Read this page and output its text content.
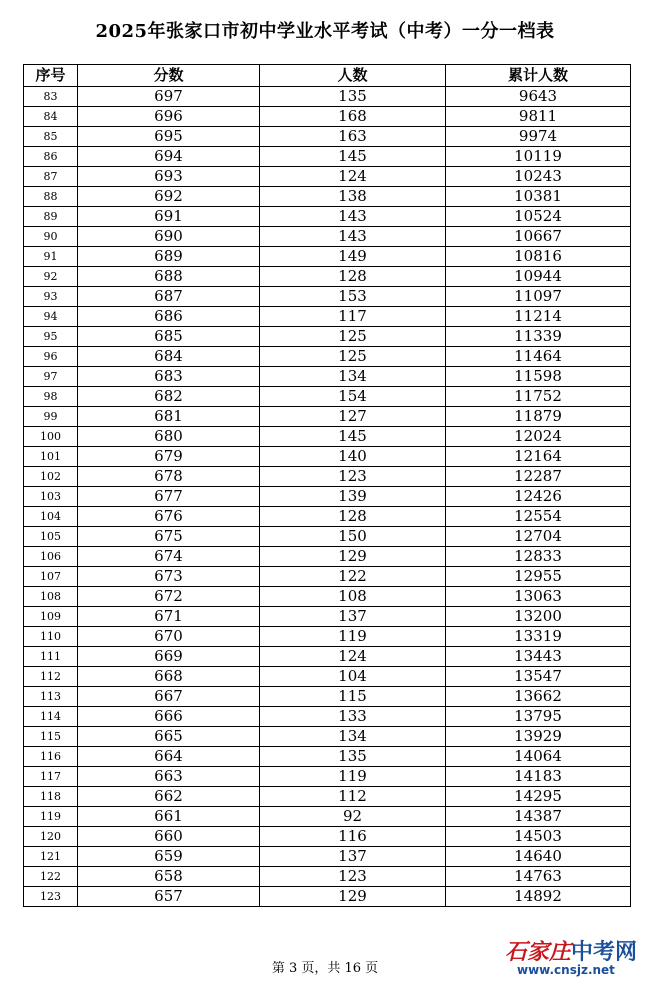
2025年张家口市初中学业水平考试（中考）一分一档表
序号	分数	人数	累计人数
83	697	135	9643
84	696	168	9811
85	695	163	9974
86	694	145	10119
87	693	124	10243
88	692	138	10381
89	691	143	10524
90	690	143	10667
91	689	149	10816
92	688	128	10944
93	687	153	11097
94	686	117	11214
95	685	125	11339
96	684	125	11464
97	683	134	11598
98	682	154	11752
99	681	127	11879
100	680	145	12024
101	679	140	12164
102	678	123	12287
103	677	139	12426
104	676	128	12554
105	675	150	12704
106	674	129	12833
107	673	122	12955
108	672	108	13063
109	671	137	13200
110	670	119	13319
111	669	124	13443
112	668	104	13547
113	667	115	13662
114	666	133	13795
115	665	134	13929
116	664	135	14064
117	663	119	14183
118	662	112	14295
119	661	92	14387
120	660	116	14503
121	659	137	14640
122	658	123	14763
123	657	129	14892
第 3 页，共 16 页
石家庄中考网
www.cnsjz.net
